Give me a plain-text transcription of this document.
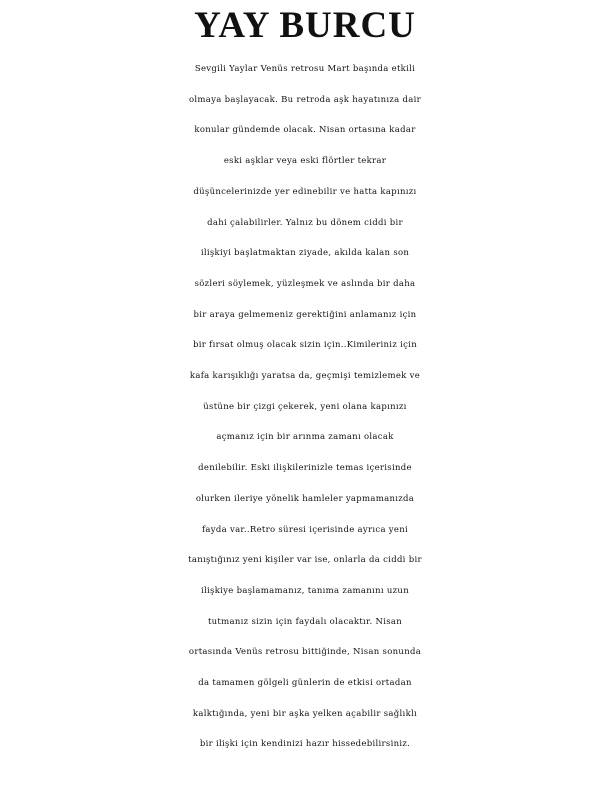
YAY BURCU
Sevgili Yaylar Venüs retrosu Mart başında etkili
olmaya başlayacak. Bu retroda aşk hayatınıza dair
konular gündemde olacak. Nisan ortasına kadar
eski aşklar veya eski flörtler tekrar
düşüncelerinizde yer edinebilir ve hatta kapınızı
dahi çalabilirler. Yalnız bu dönem ciddi bir
ilişkiyi başlatmaktan ziyade, akılda kalan son
sözleri söylemek, yüzleşmek ve aslında bir daha
bir araya gelmemeniz gerektiğini anlamanız için
bir fırsat olmuş olacak sizin için..Kimileriniz için
kafa karışıklığı yaratsa da, geçmişi temizlemek ve
üstüne bir çizgi çekerek, yeni olana kapınızı
açmanız için bir arınma zamanı olacak
denilebilir. Eski ilişkilerinizle temas içerisinde
olurken ileriye yönelik hamleler yapmamanızda
fayda var..Retro süresi içerisinde ayrıca yeni
tanıştığınız yeni kişiler var ise, onlarla da ciddi bir
ilişkiye başlamamanız, tanıma zamanını uzun
tutmanız sizin için faydalı olacaktır. Nisan
ortasında Venüs retrosu bittiğinde, Nisan sonunda
da tamamen gölgeli günlerin de etkisi ortadan
kalktığında, yeni bir aşka yelken açabilir sağlıklı
bir ilişki için kendinizi hazır hissedebilirsiniz.
